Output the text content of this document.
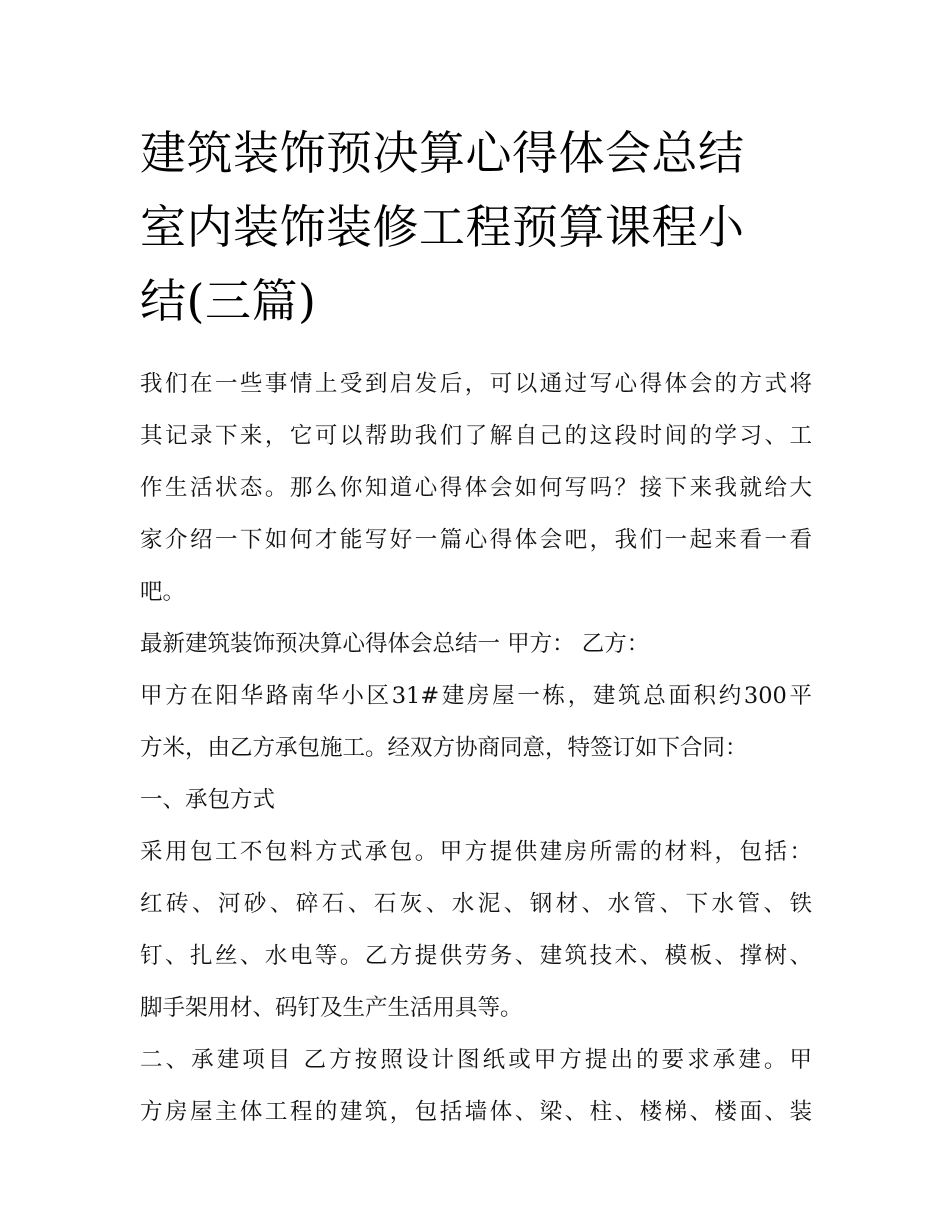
建筑装饰预决算心得体会总结
室内装饰装修工程预算课程小
结(三篇)

我们在一些事情上受到启发后，可以通过写心得体会的方式将
其记录下来，它可以帮助我们了解自己的这段时间的学习、工
作生活状态。那么你知道心得体会如何写吗？接下来我就给大
家介绍一下如何才能写好一篇心得体会吧，我们一起来看一看
吧。

最新建筑装饰预决算心得体会总结一 甲方： 乙方：

甲方在阳华路南华小区31#建房屋一栋，建筑总面积约300平
方米，由乙方承包施工。经双方协商同意，特签订如下合同：

一、承包方式

采用包工不包料方式承包。甲方提供建房所需的材料，包括：
红砖、河砂、碎石、石灰、水泥、钢材、水管、下水管、铁
钉、扎丝、水电等。乙方提供劳务、建筑技术、模板、撑树、
脚手架用材、码钉及生产生活用具等。

二、承建项目 乙方按照设计图纸或甲方提出的要求承建。甲
方房屋主体工程的建筑，包括墙体、梁、柱、楼梯、楼面、装
